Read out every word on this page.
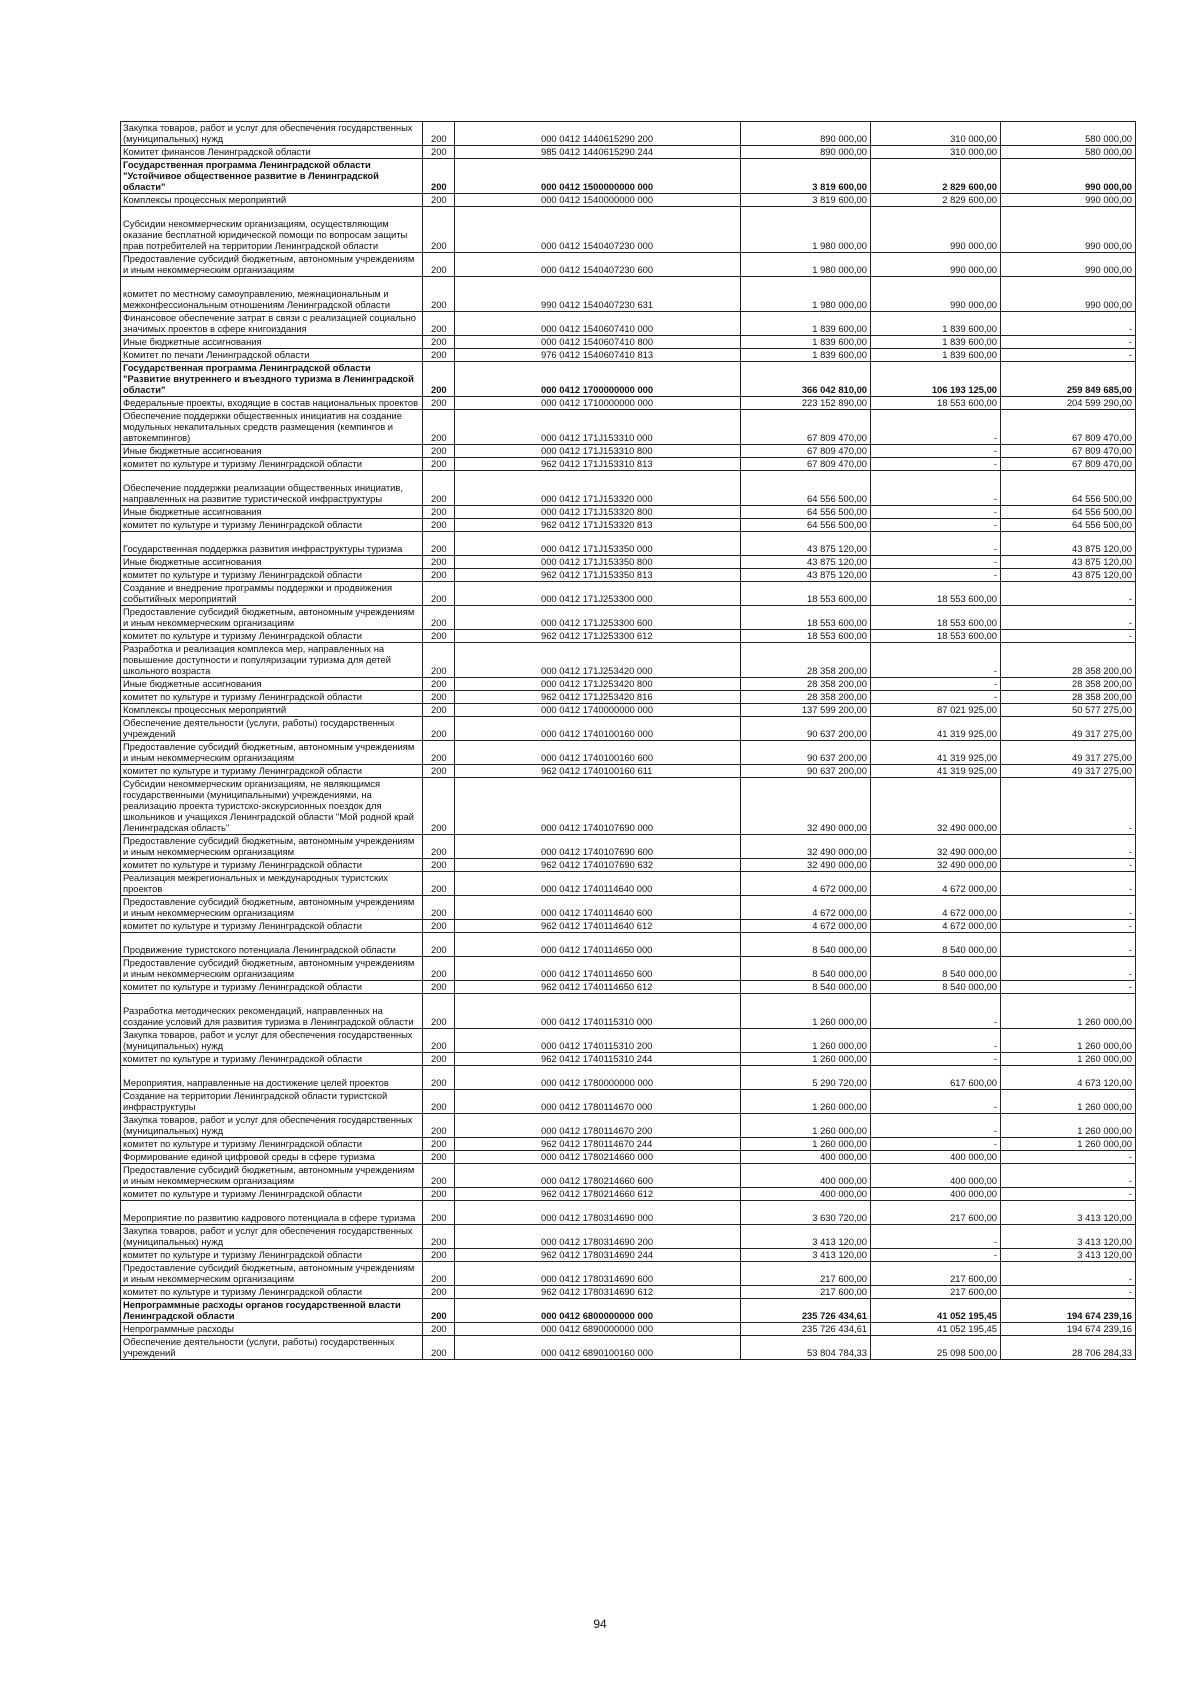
Закупка товаров, работ и услуг для обеспечения государственных (муниципальных) нужд	200	000 0412 1440615290 200	890 000,00	310 000,00	580 000,00
Комитет финансов Ленинградской области	200	985 0412 1440615290 244	890 000,00	310 000,00	580 000,00
Государственная программа Ленинградской области "Устойчивое общественное развитие в Ленинградской области"	200	000 0412 1500000000 000	3 819 600,00	2 829 600,00	990 000,00
Комплексы процессных мероприятий	200	000 0412 1540000000 000	3 819 600,00	2 829 600,00	990 000,00
Субсидии некоммерческим организациям, осуществляющим оказание бесплатной юридической помощи по вопросам защиты прав потребителей на территории Ленинградской области	200	000 0412 1540407230 000	1 980 000,00	990 000,00	990 000,00
Предоставление субсидий бюджетным, автономным учреждениям и иным некоммерческим организациям	200	000 0412 1540407230 600	1 980 000,00	990 000,00	990 000,00
комитет по местному самоуправлению, межнациональным и межконфессиональным отношениям Ленинградской области	200	990 0412 1540407230 631	1 980 000,00	990 000,00	990 000,00
Финансовое обеспечение затрат в связи с реализацией социально значимых проектов в сфере книгоиздания	200	000 0412 1540607410 000	1 839 600,00	1 839 600,00	-
Иные бюджетные ассигнования	200	000 0412 1540607410 800	1 839 600,00	1 839 600,00	-
Комитет по печати Ленинградской области	200	976 0412 1540607410 813	1 839 600,00	1 839 600,00	-
Государственная программа Ленинградской области "Развитие внутреннего и въездного туризма в Ленинградской области"	200	000 0412 1700000000 000	366 042 810,00	106 193 125,00	259 849 685,00
Федеральные проекты, входящие в состав национальных проектов	200	000 0412 1710000000 000	223 152 890,00	18 553 600,00	204 599 290,00
Обеспечение поддержки общественных инициатив на создание модульных некапитальных средств размещения (кемпингов и автокемпингов)	200	000 0412 171J153310 000	67 809 470,00	-	67 809 470,00
Иные бюджетные ассигнования	200	000 0412 171J153310 800	67 809 470,00	-	67 809 470,00
комитет по культуре и туризму Ленинградской области	200	962 0412 171J153310 813	67 809 470,00	-	67 809 470,00
Обеспечение поддержки реализации общественных инициатив, направленных на развитие туристической инфраструктуры	200	000 0412 171J153320 000	64 556 500,00	-	64 556 500,00
Иные бюджетные ассигнования	200	000 0412 171J153320 800	64 556 500,00	-	64 556 500,00
комитет по культуре и туризму Ленинградской области	200	962 0412 171J153320 813	64 556 500,00	-	64 556 500,00
Государственная поддержка развития инфраструктуры туризма	200	000 0412 171J153350 000	43 875 120,00	-	43 875 120,00
Иные бюджетные ассигнования	200	000 0412 171J153350 800	43 875 120,00	-	43 875 120,00
комитет по культуре и туризму Ленинградской области	200	962 0412 171J153350 813	43 875 120,00	-	43 875 120,00
Создание и внедрение программы поддержки и продвижения событийных мероприятий	200	000 0412 171J253300 000	18 553 600,00	18 553 600,00	-
Предоставление субсидий бюджетным, автономным учреждениям и иным некоммерческим организациям	200	000 0412 171J253300 600	18 553 600,00	18 553 600,00	-
комитет по культуре и туризму Ленинградской области	200	962 0412 171J253300 612	18 553 600,00	18 553 600,00	-
Разработка и реализация комплекса мер, направленных на повышение доступности и популяризации туризма для детей школьного возраста	200	000 0412 171J253420 000	28 358 200,00	-	28 358 200,00
Иные бюджетные ассигнования	200	000 0412 171J253420 800	28 358 200,00	-	28 358 200,00
комитет по культуре и туризму Ленинградской области	200	962 0412 171J253420 816	28 358 200,00	-	28 358 200,00
Комплексы процессных мероприятий	200	000 0412 1740000000 000	137 599 200,00	87 021 925,00	50 577 275,00
Обеспечение деятельности (услуги, работы) государственных учреждений	200	000 0412 1740100160 000	90 637 200,00	41 319 925,00	49 317 275,00
Предоставление субсидий бюджетным, автономным учреждениям и иным некоммерческим организациям	200	000 0412 1740100160 600	90 637 200,00	41 319 925,00	49 317 275,00
комитет по культуре и туризму Ленинградской области	200	962 0412 1740100160 611	90 637 200,00	41 319 925,00	49 317 275,00
Субсидии некоммерческим организациям, не являющимся государственными (муниципальными) учреждениями, на реализацию проекта туристско-экскурсионных поездок для школьников и учащихся Ленинградской области "Мой родной край Ленинградская область"	200	000 0412 1740107690 000	32 490 000,00	32 490 000,00	-
Предоставление субсидий бюджетным, автономным учреждениям и иным некоммерческим организациям	200	000 0412 1740107690 600	32 490 000,00	32 490 000,00	-
комитет по культуре и туризму Ленинградской области	200	962 0412 1740107690 632	32 490 000,00	32 490 000,00	-
Реализация межрегиональных и международных туристских проектов	200	000 0412 1740114640 000	4 672 000,00	4 672 000,00	-
Предоставление субсидий бюджетным, автономным учреждениям и иным некоммерческим организациям	200	000 0412 1740114640 600	4 672 000,00	4 672 000,00	-
комитет по культуре и туризму Ленинградской области	200	962 0412 1740114640 612	4 672 000,00	4 672 000,00	-
Продвижение туристского потенциала Ленинградской области	200	000 0412 1740114650 000	8 540 000,00	8 540 000,00	-
Предоставление субсидий бюджетным, автономным учреждениям и иным некоммерческим организациям	200	000 0412 1740114650 600	8 540 000,00	8 540 000,00	-
комитет по культуре и туризму Ленинградской области	200	962 0412 1740114650 612	8 540 000,00	8 540 000,00	-
Разработка методических рекомендаций, направленных на создание условий для развития туризма в Ленинградской области	200	000 0412 1740115310 000	1 260 000,00	-	1 260 000,00
Закупка товаров, работ и услуг для обеспечения государственных (муниципальных) нужд	200	000 0412 1740115310 200	1 260 000,00	-	1 260 000,00
комитет по культуре и туризму Ленинградской области	200	962 0412 1740115310 244	1 260 000,00	-	1 260 000,00
Мероприятия, направленные на достижение целей проектов	200	000 0412 1780000000 000	5 290 720,00	617 600,00	4 673 120,00
Создание на территории Ленинградской области туристской инфраструктуры	200	000 0412 1780114670 000	1 260 000,00	-	1 260 000,00
Закупка товаров, работ и услуг для обеспечения государственных (муниципальных) нужд	200	000 0412 1780114670 200	1 260 000,00	-	1 260 000,00
комитет по культуре и туризму Ленинградской области	200	962 0412 1780114670 244	1 260 000,00	-	1 260 000,00
Формирование единой цифровой среды в сфере туризма	200	000 0412 1780214660 000	400 000,00	400 000,00	-
Предоставление субсидий бюджетным, автономным учреждениям и иным некоммерческим организациям	200	000 0412 1780214660 600	400 000,00	400 000,00	-
комитет по культуре и туризму Ленинградской области	200	962 0412 1780214660 612	400 000,00	400 000,00	-
Мероприятие по развитию кадрового потенциала в сфере туризма	200	000 0412 1780314690 000	3 630 720,00	217 600,00	3 413 120,00
Закупка товаров, работ и услуг для обеспечения государственных (муниципальных) нужд	200	000 0412 1780314690 200	3 413 120,00	-	3 413 120,00
комитет по культуре и туризму Ленинградской области	200	962 0412 1780314690 244	3 413 120,00	-	3 413 120,00
Предоставление субсидий бюджетным, автономным учреждениям и иным некоммерческим организациям	200	000 0412 1780314690 600	217 600,00	217 600,00	-
комитет по культуре и туризму Ленинградской области	200	962 0412 1780314690 612	217 600,00	217 600,00	-
Непрограммные расходы органов государственной власти Ленинградской области	200	000 0412 6800000000 000	235 726 434,61	41 052 195,45	194 674 239,16
Непрограммные расходы	200	000 0412 6890000000 000	235 726 434,61	41 052 195,45	194 674 239,16
Обеспечение деятельности (услуги, работы) государственных учреждений	200	000 0412 6890100160 000	53 804 784,33	25 098 500,00	28 706 284,33
94
